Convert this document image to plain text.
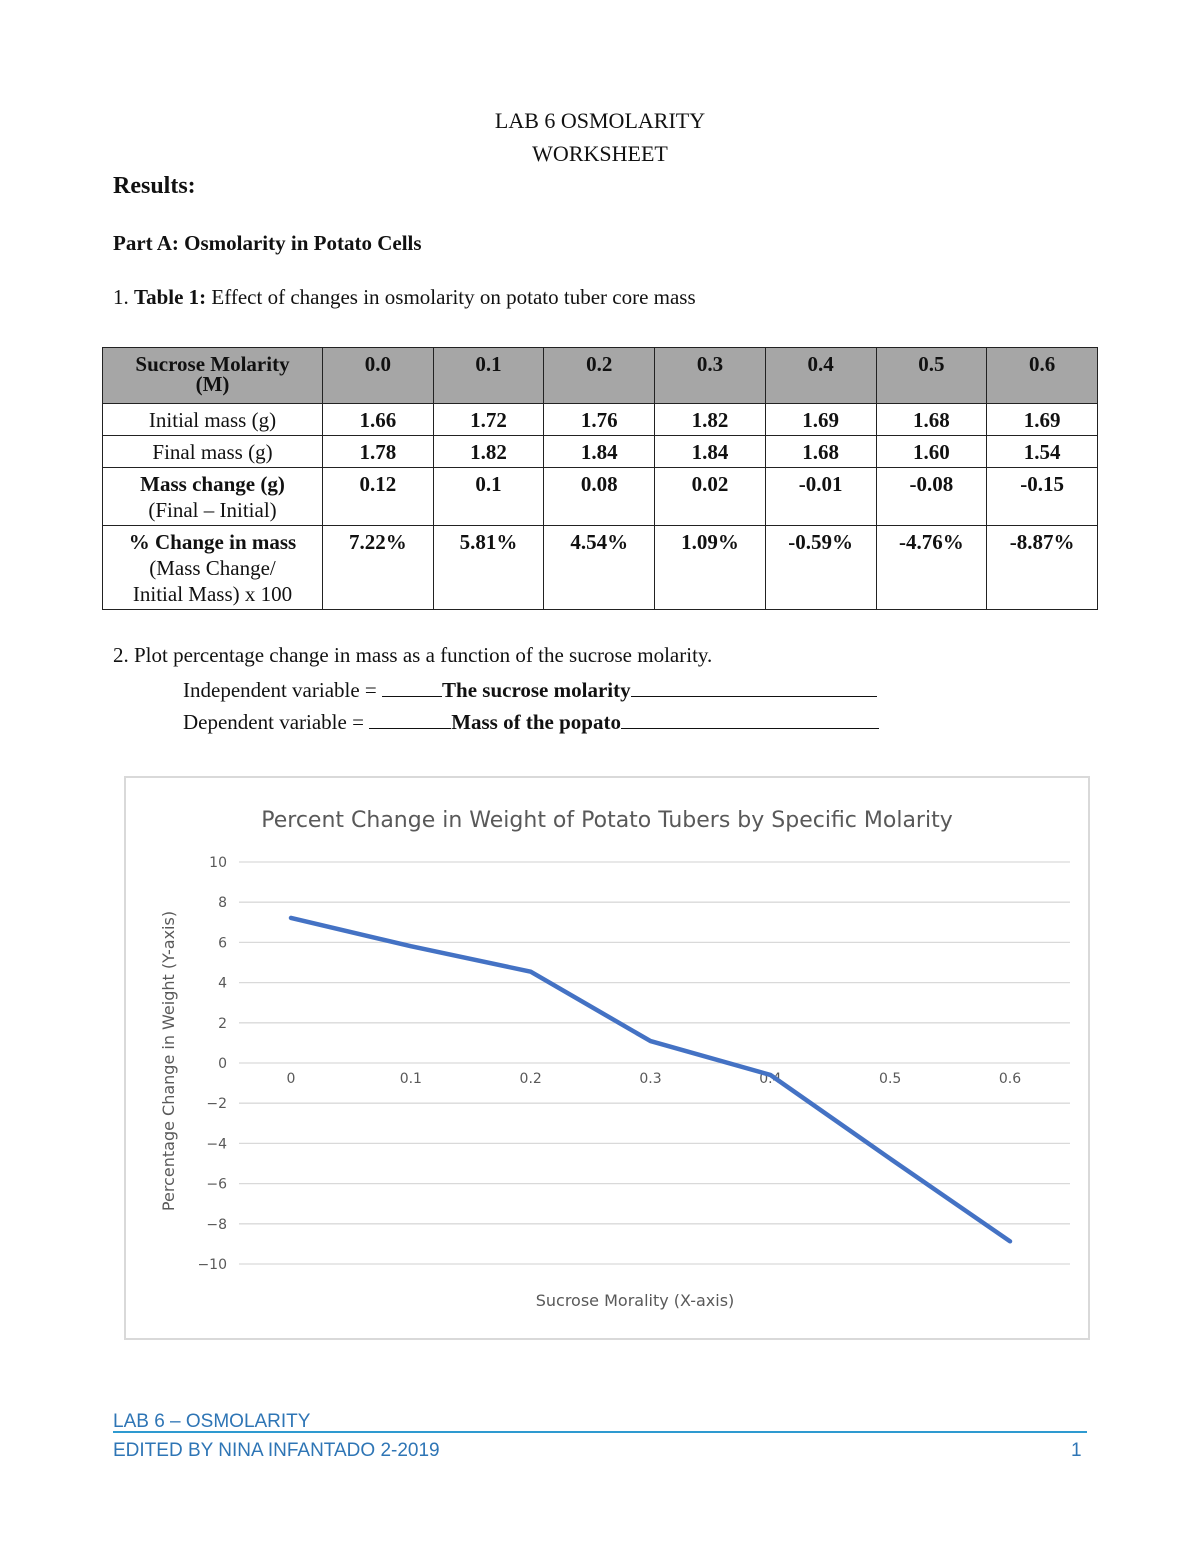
LAB 6 OSMOLARITY
WORKSHEET
Results:
Part A: Osmolarity in Potato Cells
1. Table 1: Effect of changes in osmolarity on potato tuber core mass
Sucrose Molarity
(M)	0.0	0.1	0.2	0.3	0.4	0.5	0.6
Initial mass (g)	1.66	1.72	1.76	1.82	1.69	1.68	1.69
Final mass (g)	1.78	1.82	1.84	1.84	1.68	1.60	1.54

Mass change (g)
(Final – Initial)	0.12	0.1	0.08	0.02	-0.01	-0.08	-0.15

% Change in mass
(Mass Change/
Initial Mass) x 100	7.22%	5.81%	4.54%	1.09%	-0.59%	-4.76%	-8.87%
2. Plot percentage change in mass as a function of the sucrose molarity.
Independent variable =	The sucrose molarity
Dependent variable =	Mass of the popato
Percent Change in Weight of Potato Tubers by Specific Molarity
Sucrose Morality (X-axis)
Percentage Change in Weight (Y-axis)
10
8
6
4
2
0
−2
−4
−6
−8
−10
0	0.1	0.2	0.3	0.4	0.5	0.6
LAB 6 – OSMOLARITY
EDITED BY NINA INFANTADO 2-2019	1
